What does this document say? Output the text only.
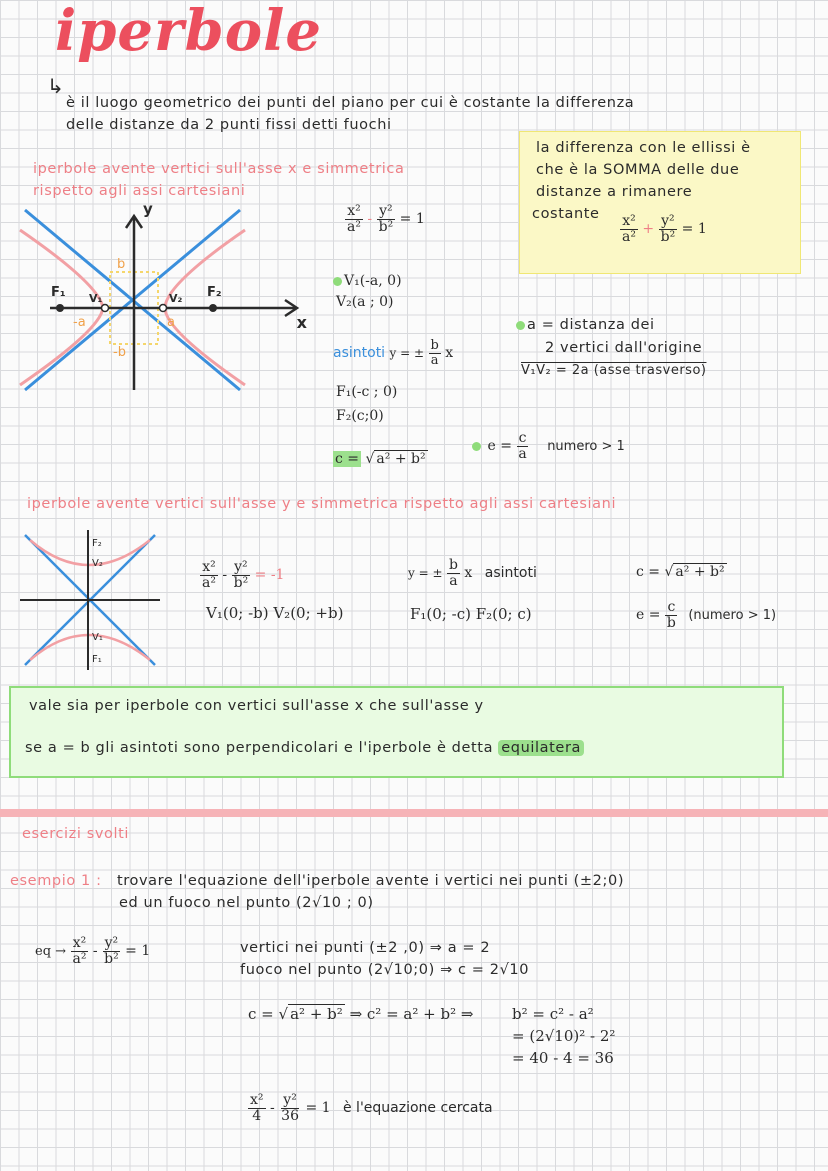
iperbole
↳
è il luogo geometrico dei punti del piano per cui è costante la differenza
delle distanze da 2 punti fissi detti fuochi
la differenza con le ellissi è
che è la SOMMA delle due
distanze a rimanere
costante $\frac{\text{x²}}{\text{a²}} + \frac{\text{y²}}{\text{b²}} = 1$
iperbole avente vertici sull'asse x e simmetrica
rispetto agli assi cartesiani
y
x
F₁	F₂
V₁	V₂
a
-a
b
-b
$\frac{\text{x²}}{\text{a²}} - \frac{\text{y²}}{\text{b²}} = 1$
V₁(-a, 0)
V₂(a ; 0)
asintoti y = ± $\frac{b}{a}$ x
F₁(-c ; 0)
F₂(c;0)
c = √ a² + b²
a = distanza dei
2 vertici dall'origine
V₁V₂ = 2a (asse trasverso)
$e = \frac{c}{a}$ numero > 1
iperbole avente vertici sull'asse y e simmetrica rispetto agli assi cartesiani
F₂
V₂
V₁
F₁
$\frac{\text{x²}}{\text{a²}} - \frac{\text{y²}}{\text{b²}} = -1$
V₁(0; -b) V₂(0; +b)
y = ± $\frac{b}{a}$ x asintoti
F₁(0; -c) F₂(0; c)
c = √ a² + b²
$e = \frac{c}{b}$ (numero > 1)
vale sia per iperbole con vertici sull'asse x che sull'asse y
se a = b gli asintoti sono perpendicolari e l'iperbole è detta equilatera
esercizi svolti
esempio 1 : trovare l'equazione dell'iperbole avente i vertici nei punti (±2;0)
ed un fuoco nel punto (2√10 ; 0)
eq → $\frac{\text{x²}}{\text{a²}} - \frac{\text{y²}}{\text{b²}} = 1$	vertici nei punti (±2 ,0) ⇒ a = 2
fuoco nel punto (2√10;0) ⇒ c = 2√10
c = √ a² + b² ⇒ c² = a² + b² ⇒	b² = c² - a²
= (2√10)² - 2²
= 40 - 4 = 36
$\frac{\text{x²}}{4} - \frac{\text{y²}}{36} = 1$ è l'equazione cercata
